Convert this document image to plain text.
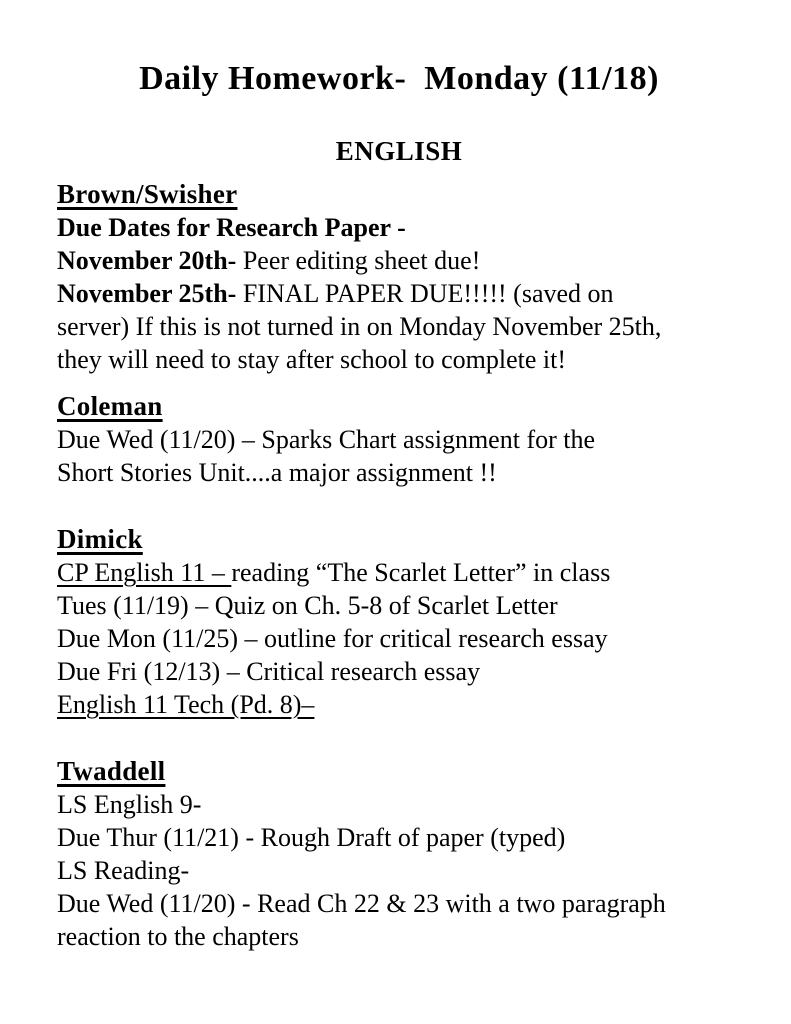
Daily Homework-  Monday (11/18)
ENGLISH
Brown/Swisher
Due Dates for Research Paper -
November 20th- Peer editing sheet due!
November 25th- FINAL PAPER DUE!!!!! (saved on
server) If this is not turned in on Monday November 25th,
they will need to stay after school to complete it!
Coleman
Due Wed (11/20) – Sparks Chart assignment for the
Short Stories Unit....a major assignment !!
Dimick
CP English 11 – reading “The Scarlet Letter” in class
Tues (11/19) – Quiz on Ch. 5-8 of Scarlet Letter
Due Mon (11/25) – outline for critical research essay
Due Fri (12/13) – Critical research essay
English 11 Tech (Pd. 8)–
Twaddell
LS English 9-
Due Thur (11/21) - Rough Draft of paper (typed)
LS Reading-
Due Wed (11/20) - Read Ch 22 & 23 with a two paragraph
reaction to the chapters
